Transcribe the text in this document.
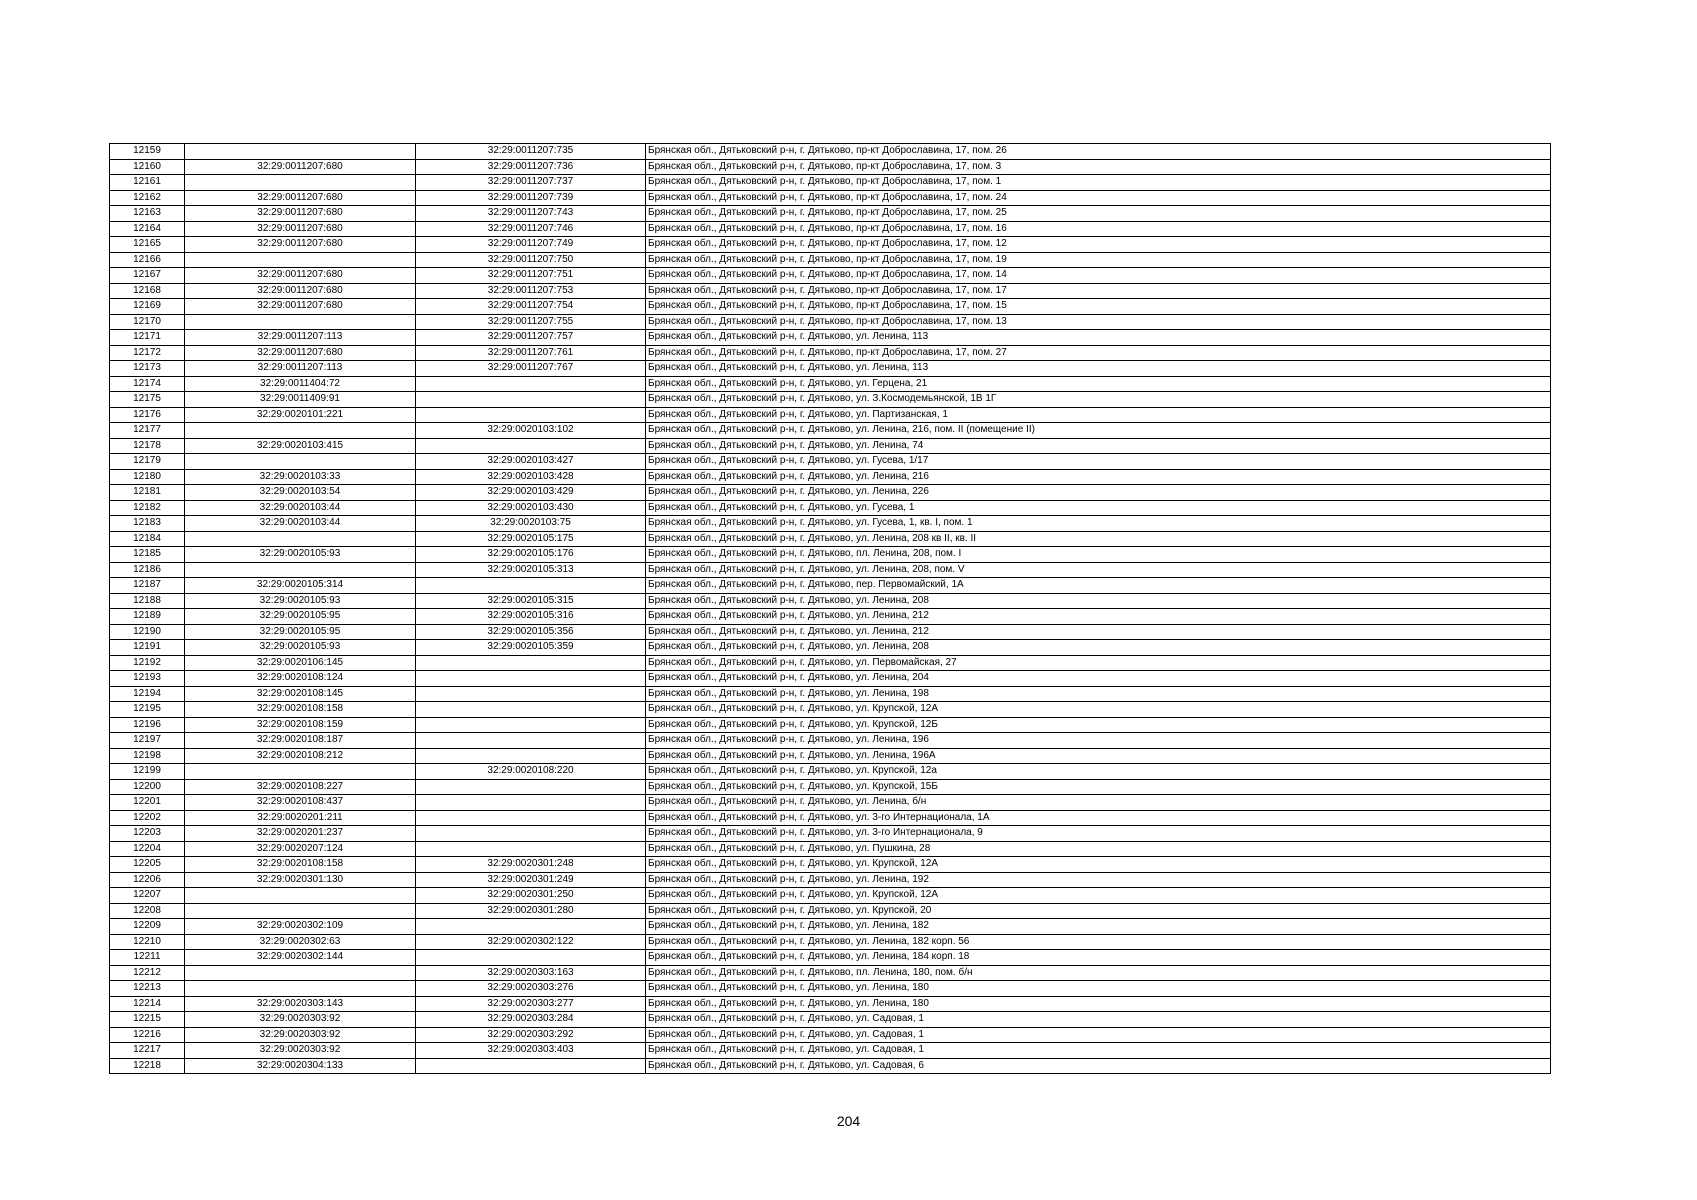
12159		32:29:0011207:735	Брянская обл., Дятьковский р-н, г. Дятьково, пр-кт Доброславина, 17, пом. 26
12160	32:29:0011207:680	32:29:0011207:736	Брянская обл., Дятьковский р-н, г. Дятьково, пр-кт Доброславина, 17, пом. 3
12161		32:29:0011207:737	Брянская обл., Дятьковский р-н, г. Дятьково, пр-кт Доброславина, 17, пом. 1
12162	32:29:0011207:680	32:29:0011207:739	Брянская обл., Дятьковский р-н, г. Дятьково, пр-кт Доброславина, 17, пом. 24
12163	32:29:0011207:680	32:29:0011207:743	Брянская обл., Дятьковский р-н, г. Дятьково, пр-кт Доброславина, 17, пом. 25
12164	32:29:0011207:680	32:29:0011207:746	Брянская обл., Дятьковский р-н, г. Дятьково, пр-кт Доброславина, 17, пом. 16
12165	32:29:0011207:680	32:29:0011207:749	Брянская обл., Дятьковский р-н, г. Дятьково, пр-кт Доброславина, 17, пом. 12
12166		32:29:0011207:750	Брянская обл., Дятьковский р-н, г. Дятьково, пр-кт Доброславина, 17, пом. 19
12167	32:29:0011207:680	32:29:0011207:751	Брянская обл., Дятьковский р-н, г. Дятьково, пр-кт Доброславина, 17, пом. 14
12168	32:29:0011207:680	32:29:0011207:753	Брянская обл., Дятьковский р-н, г. Дятьково, пр-кт Доброславина, 17, пом. 17
12169	32:29:0011207:680	32:29:0011207:754	Брянская обл., Дятьковский р-н, г. Дятьково, пр-кт Доброславина, 17, пом. 15
12170		32:29:0011207:755	Брянская обл., Дятьковский р-н, г. Дятьково, пр-кт Доброславина, 17, пом. 13
12171	32:29:0011207:113	32:29:0011207:757	Брянская обл., Дятьковский р-н, г. Дятьково, ул. Ленина, 113
12172	32:29:0011207:680	32:29:0011207:761	Брянская обл., Дятьковский р-н, г. Дятьково, пр-кт Доброславина, 17, пом. 27
12173	32:29:0011207:113	32:29:0011207:767	Брянская обл., Дятьковский р-н, г. Дятьково, ул. Ленина, 113
12174	32:29:0011404:72		Брянская обл., Дятьковский р-н, г. Дятьково, ул. Герцена, 21
12175	32:29:0011409:91		Брянская обл., Дятьковский р-н, г. Дятьково, ул. З.Космодемьянской, 1В 1Г
12176	32:29:0020101:221		Брянская обл., Дятьковский р-н, г. Дятьково, ул. Партизанская, 1
12177		32:29:0020103:102	Брянская обл., Дятьковский р-н, г. Дятьково, ул. Ленина, 216, пом. II (помещение II)
12178	32:29:0020103:415		Брянская обл., Дятьковский р-н, г. Дятьково, ул. Ленина, 74
12179		32:29:0020103:427	Брянская обл., Дятьковский р-н, г. Дятьково, ул. Гусева, 1/17
12180	32:29:0020103:33	32:29:0020103:428	Брянская обл., Дятьковский р-н, г. Дятьково, ул. Ленина, 216
12181	32:29:0020103:54	32:29:0020103:429	Брянская обл., Дятьковский р-н, г. Дятьково, ул. Ленина, 226
12182	32:29:0020103:44	32:29:0020103:430	Брянская обл., Дятьковский р-н, г. Дятьково, ул. Гусева, 1
12183	32:29:0020103:44	32:29:0020103:75	Брянская обл., Дятьковский р-н, г. Дятьково, ул. Гусева, 1, кв. I, пом. 1
12184		32:29:0020105:175	Брянская обл., Дятьковский р-н, г. Дятьково, ул. Ленина, 208 кв II, кв. II
12185	32:29:0020105:93	32:29:0020105:176	Брянская обл., Дятьковский р-н, г. Дятьково, пл. Ленина, 208, пом. I
12186		32:29:0020105:313	Брянская обл., Дятьковский р-н, г. Дятьково, ул. Ленина, 208, пом. V
12187	32:29:0020105:314		Брянская обл., Дятьковский р-н, г. Дятьково, пер. Первомайский, 1А
12188	32:29:0020105:93	32:29:0020105:315	Брянская обл., Дятьковский р-н, г. Дятьково, ул. Ленина, 208
12189	32:29:0020105:95	32:29:0020105:316	Брянская обл., Дятьковский р-н, г. Дятьково, ул. Ленина, 212
12190	32:29:0020105:95	32:29:0020105:356	Брянская обл., Дятьковский р-н, г. Дятьково, ул. Ленина, 212
12191	32:29:0020105:93	32:29:0020105:359	Брянская обл., Дятьковский р-н, г. Дятьково, ул. Ленина, 208
12192	32:29:0020106:145		Брянская обл., Дятьковский р-н, г. Дятьково, ул. Первомайская, 27
12193	32:29:0020108:124		Брянская обл., Дятьковский р-н, г. Дятьково, ул. Ленина, 204
12194	32:29:0020108:145		Брянская обл., Дятьковский р-н, г. Дятьково, ул. Ленина, 198
12195	32:29:0020108:158		Брянская обл., Дятьковский р-н, г. Дятьково, ул. Крупской, 12А
12196	32:29:0020108:159		Брянская обл., Дятьковский р-н, г. Дятьково, ул. Крупской, 12Б
12197	32:29:0020108:187		Брянская обл., Дятьковский р-н, г. Дятьково, ул. Ленина, 196
12198	32:29:0020108:212		Брянская обл., Дятьковский р-н, г. Дятьково, ул. Ленина, 196А
12199		32:29:0020108:220	Брянская обл., Дятьковский р-н, г. Дятьково, ул. Крупской, 12а
12200	32:29:0020108:227		Брянская обл., Дятьковский р-н, г. Дятьково, ул. Крупской, 15Б
12201	32:29:0020108:437		Брянская обл., Дятьковский р-н, г. Дятьково, ул. Ленина, б/н
12202	32:29:0020201:211		Брянская обл., Дятьковский р-н, г. Дятьково, ул. 3-го Интернационала, 1А
12203	32:29:0020201:237		Брянская обл., Дятьковский р-н, г. Дятьково, ул. 3-го Интернационала, 9
12204	32:29:0020207:124		Брянская обл., Дятьковский р-н, г. Дятьково, ул. Пушкина, 28
12205	32:29:0020108:158	32:29:0020301:248	Брянская обл., Дятьковский р-н, г. Дятьково, ул. Крупской, 12А
12206	32:29:0020301:130	32:29:0020301:249	Брянская обл., Дятьковский р-н, г. Дятьково, ул. Ленина, 192
12207		32:29:0020301:250	Брянская обл., Дятьковский р-н, г. Дятьково, ул. Крупской, 12А
12208		32:29:0020301:280	Брянская обл., Дятьковский р-н, г. Дятьково, ул. Крупской, 20
12209	32:29:0020302:109		Брянская обл., Дятьковский р-н, г. Дятьково, ул. Ленина, 182
12210	32:29:0020302:63	32:29:0020302:122	Брянская обл., Дятьковский р-н, г. Дятьково, ул. Ленина, 182 корп. 56
12211	32:29:0020302:144		Брянская обл., Дятьковский р-н, г. Дятьково, ул. Ленина, 184 корп. 18
12212		32:29:0020303:163	Брянская обл., Дятьковский р-н, г. Дятьково, пл. Ленина, 180, пом. б/н
12213		32:29:0020303:276	Брянская обл., Дятьковский р-н, г. Дятьково, ул. Ленина, 180
12214	32:29:0020303:143	32:29:0020303:277	Брянская обл., Дятьковский р-н, г. Дятьково, ул. Ленина, 180
12215	32:29:0020303:92	32:29:0020303:284	Брянская обл., Дятьковский р-н, г. Дятьково, ул. Садовая, 1
12216	32:29:0020303:92	32:29:0020303:292	Брянская обл., Дятьковский р-н, г. Дятьково, ул. Садовая, 1
12217	32:29:0020303:92	32:29:0020303:403	Брянская обл., Дятьковский р-н, г. Дятьково, ул. Садовая, 1
12218	32:29:0020304:133		Брянская обл., Дятьковский р-н, г. Дятьково, ул. Садовая, 6
204
